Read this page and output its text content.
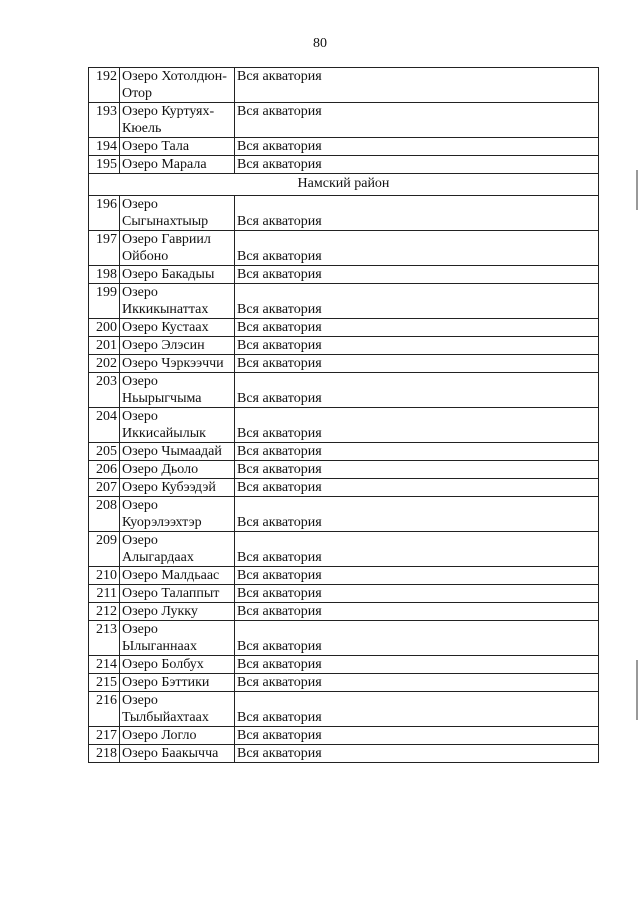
80
192	Озеро Хотолдюн-Отор	Вся акватория
193	Озеро Куртуях-Кюель	Вся акватория
194	Озеро Тала	Вся акватория
195	Озеро Марала	Вся акватория
Намский район		
196	Озеро Сыгынахтыыр	Вся акватория
197	Озеро Гавриил Ойбоно	Вся акватория
198	Озеро Бакадыы	Вся акватория
199	Озеро Иккикынаттах	Вся акватория
200	Озеро Кустаах	Вся акватория
201	Озеро Элэсин	Вся акватория
202	Озеро Чэркээччи	Вся акватория
203	Озеро Ньырыгчыма	Вся акватория
204	Озеро Иккисайылык	Вся акватория
205	Озеро Чымаадай	Вся акватория
206	Озеро Дьоло	Вся акватория
207	Озеро Кубээдэй	Вся акватория
208	Озеро Куорэлээхтэр	Вся акватория
209	Озеро Алыгардаах	Вся акватория
210	Озеро Малдьаас	Вся акватория
211	Озеро Талаппыт	Вся акватория
212	Озеро Лукку	Вся акватория
213	Озеро Ылыганнаах	Вся акватория
214	Озеро Болбух	Вся акватория
215	Озеро Бэттики	Вся акватория
216	Озеро Тылбыйахтаах	Вся акватория
217	Озеро Логло	Вся акватория
218	Озеро Баакычча	Вся акватория
